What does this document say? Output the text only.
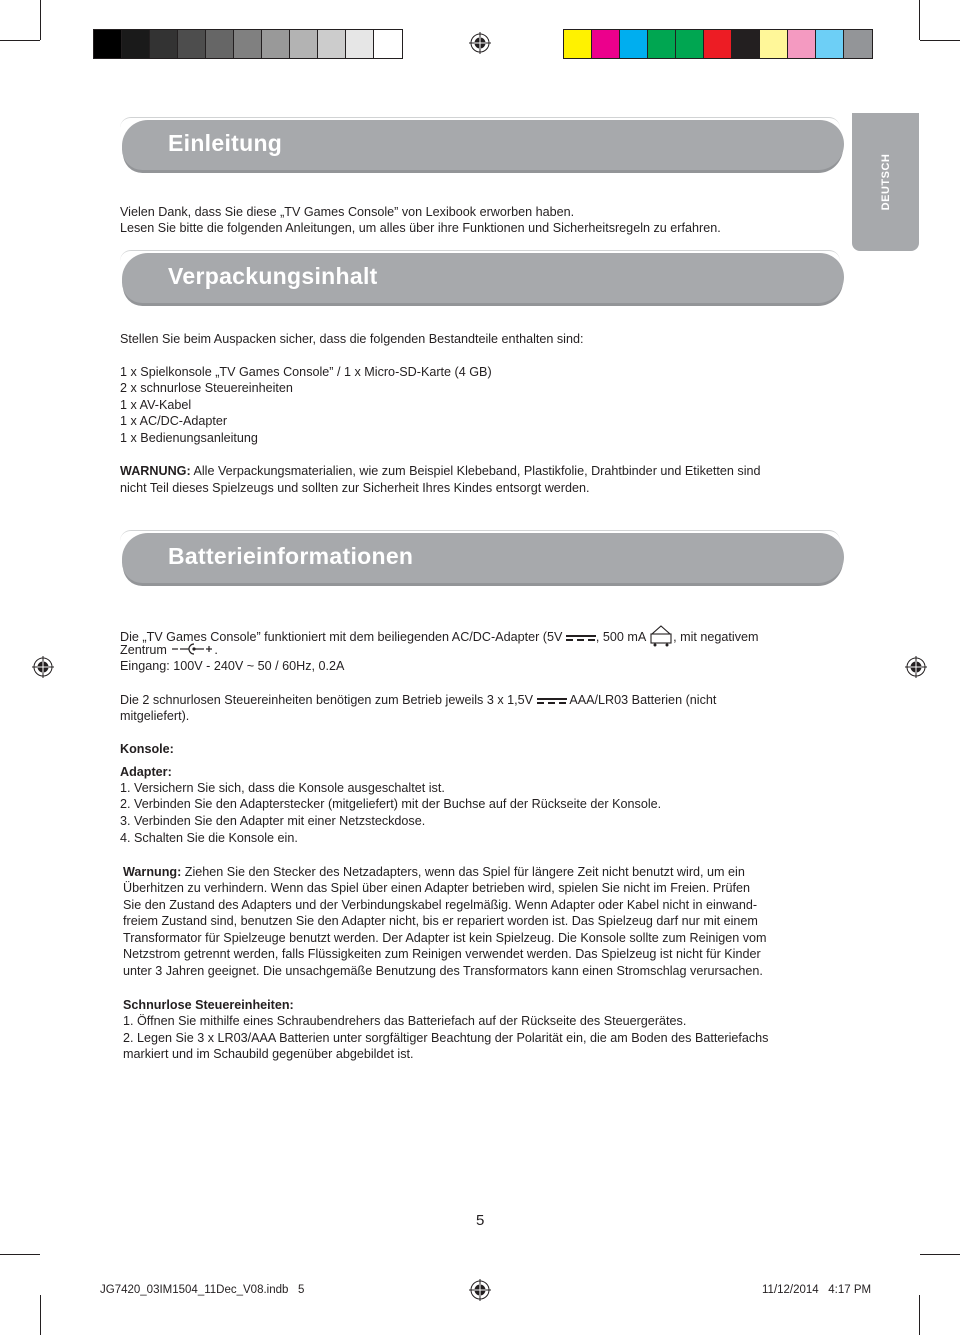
DEUTSCH
Einleitung
Vielen Dank, dass Sie diese „TV Games Console” von Lexibook erworben haben.
Lesen Sie bitte die folgenden Anleitungen, um alles über ihre Funktionen und Sicherheitsregeln zu erfahren.
Verpackungsinhalt
Stellen Sie beim Auspacken sicher, dass die folgenden Bestandteile enthalten sind:
1 x Spielkonsole „TV Games Console” / 1 x Micro-SD-Karte (4 GB)
2 x schnurlose Steuereinheiten
1 x AV-Kabel
1 x AC/DC-Adapter
1 x Bedienungsanleitung
WARNUNG: Alle Verpackungsmaterialien, wie zum Beispiel Klebeband, Plastikfolie, Drahtbinder und Etiketten sind
nicht Teil dieses Spielzeugs und sollten zur Sicherheit Ihres Kindes entsorgt werden.
Batterieinformationen
Die „TV Games Console” funktioniert mit dem beiliegenden AC/DC-Adapter (5V	, 500 mA , mit negativem
Zentrum	.
Eingang: 100V - 240V ~ 50 / 60Hz, 0.2A
Die 2 schnurlosen Steuereinheiten benötigen zum Betrieb jeweils 3 x 1,5V	AAA/LR03 Batterien (nicht
mitgeliefert).
Konsole:
Adapter:
1. Versichern Sie sich, dass die Konsole ausgeschaltet ist.
2. Verbinden Sie den Adapterstecker (mitgeliefert) mit der Buchse auf der Rückseite der Konsole.
3. Verbinden Sie den Adapter mit einer Netzsteckdose.
4. Schalten Sie die Konsole ein.
Warnung: Ziehen Sie den Stecker des Netzadapters, wenn das Spiel für längere Zeit nicht benutzt wird, um ein
Überhitzen zu verhindern. Wenn das Spiel über einen Adapter betrieben wird, spielen Sie nicht im Freien. Prüfen
Sie den Zustand des Adapters und der Verbindungskabel regelmäßig. Wenn Adapter oder Kabel nicht in einwand-
freiem Zustand sind, benutzen Sie den Adapter nicht, bis er repariert worden ist. Das Spielzeug darf nur mit einem
Transformator für Spielzeuge benutzt werden. Der Adapter ist kein Spielzeug. Die Konsole sollte zum Reinigen vom
Netzstrom getrennt werden, falls Flüssigkeiten zum Reinigen verwendet werden. Das Spielzeug ist nicht für Kinder
unter 3 Jahren geeignet. Die unsachgemäße Benutzung des Transformators kann einen Stromschlag verursachen.
Schnurlose Steuereinheiten:
1. Öffnen Sie mithilfe eines Schraubendrehers das Batteriefach auf der Rückseite des Steuergerätes.
2. Legen Sie 3 x LR03/AAA Batterien unter sorgfältiger Beachtung der Polarität ein, die am Boden des Batteriefachs
markiert und im Schaubild gegenüber abgebildet ist.
5
JG7420_03IM1504_11Dec_V08.indb   5	11/12/2014   4:17 PM
